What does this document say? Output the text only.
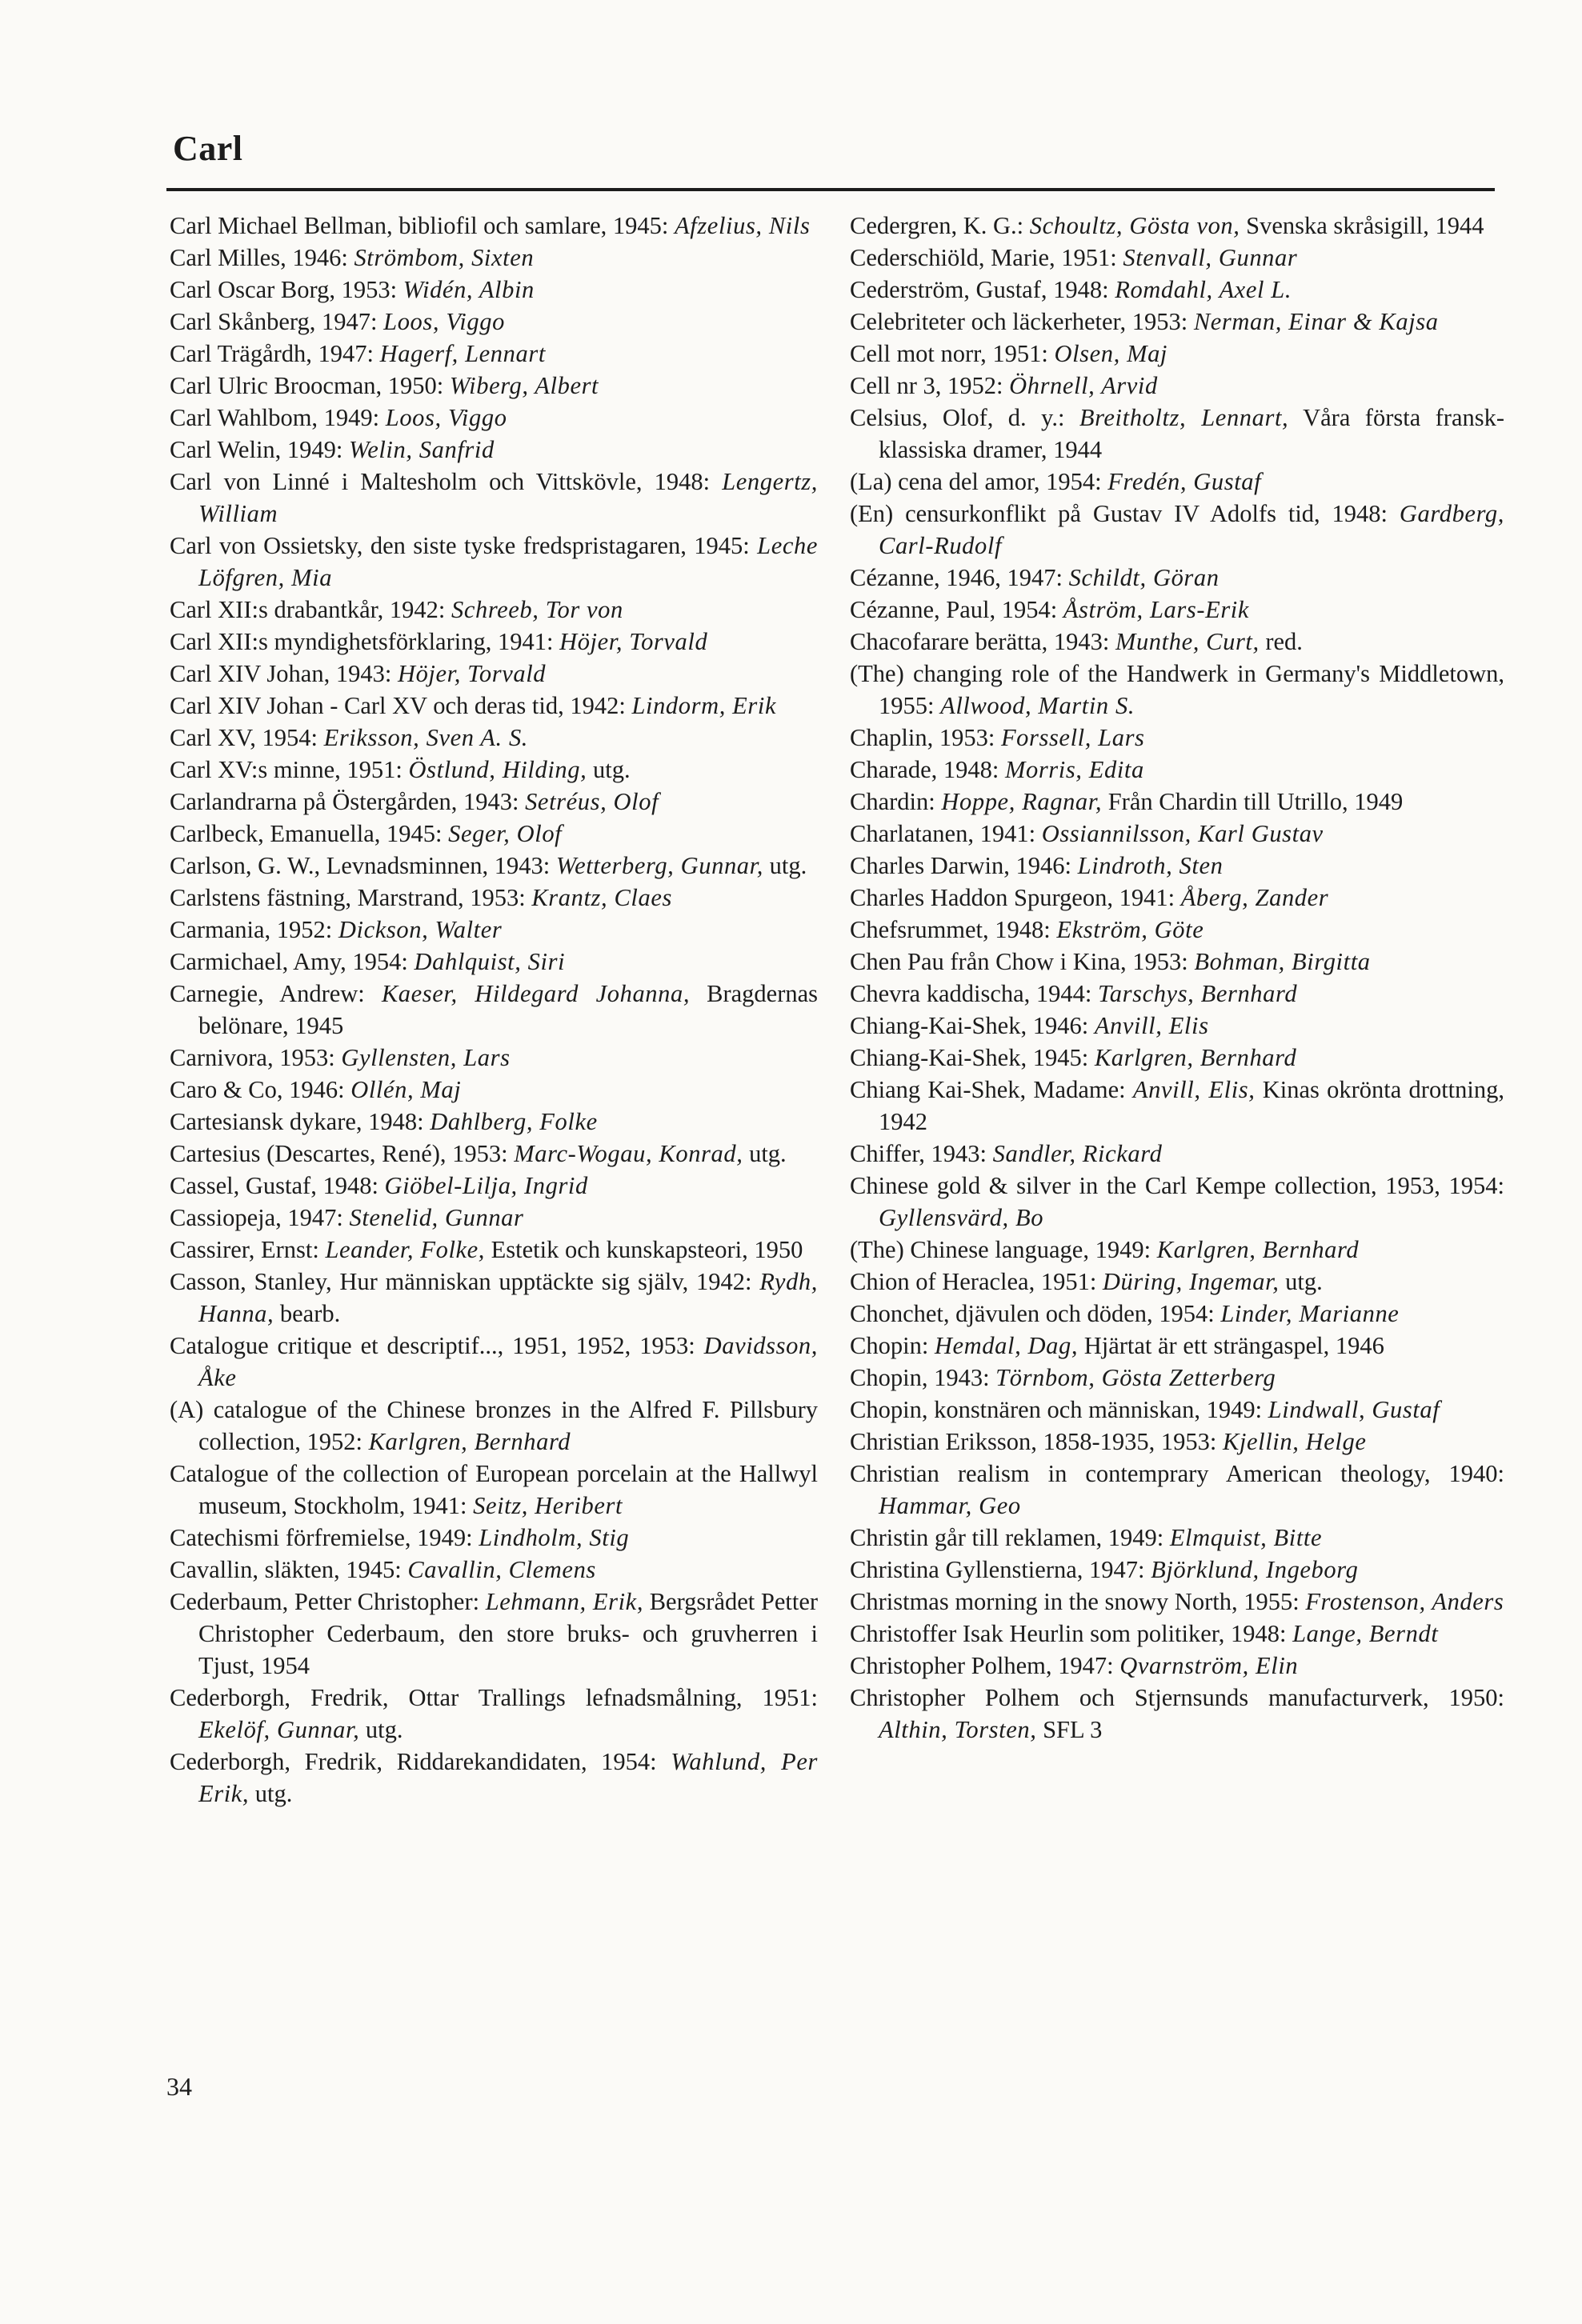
Carl
Carl Michael Bellman, bibliofil och samlare, 1945: Afzelius, Nils
Carl Milles, 1946: Strömbom, Sixten
Carl Oscar Borg, 1953: Widén, Albin
Carl Skånberg, 1947: Loos, Viggo
Carl Trägårdh, 1947: Hagerf, Lennart
Carl Ulric Broocman, 1950: Wiberg, Albert
Carl Wahlbom, 1949: Loos, Viggo
Carl Welin, 1949: Welin, Sanfrid
Carl von Linné i Maltesholm och Vittskövle, 1948: Lengertz, William
Carl von Ossietsky, den siste tyske fredspristagaren, 1945: Leche Löfgren, Mia
Carl XII:s drabantkår, 1942: Schreeb, Tor von
Carl XII:s myndighetsförklaring, 1941: Höjer, Torvald
Carl XIV Johan, 1943: Höjer, Torvald
Carl XIV Johan - Carl XV och deras tid, 1942: Lindorm, Erik
Carl XV, 1954: Eriksson, Sven A. S.
Carl XV:s minne, 1951: Östlund, Hilding, utg.
Carlandrarna på Östergården, 1943: Setréus, Olof
Carlbeck, Emanuella, 1945: Seger, Olof
Carlson, G. W., Levnadsminnen, 1943: Wetterberg, Gunnar, utg.
Carlstens fästning, Marstrand, 1953: Krantz, Claes
Carmania, 1952: Dickson, Walter
Carmichael, Amy, 1954: Dahlquist, Siri
Carnegie, Andrew: Kaeser, Hildegard Johanna, Bragdernas belönare, 1945
Carnivora, 1953: Gyllensten, Lars
Caro & Co, 1946: Ollén, Maj
Cartesiansk dykare, 1948: Dahlberg, Folke
Cartesius (Descartes, René), 1953: Marc-Wogau, Konrad, utg.
Cassel, Gustaf, 1948: Giöbel-Lilja, Ingrid
Cassiopeja, 1947: Stenelid, Gunnar
Cassirer, Ernst: Leander, Folke, Estetik och kunskapsteori, 1950
Casson, Stanley, Hur människan upptäckte sig själv, 1942: Rydh, Hanna, bearb.
Catalogue critique et descriptif..., 1951, 1952, 1953: Davidsson, Åke
(A) catalogue of the Chinese bronzes in the Alfred F. Pillsbury collection, 1952: Karlgren, Bernhard
Catalogue of the collection of European porcelain at the Hallwyl museum, Stockholm, 1941: Seitz, Heribert
Catechismi förfremielse, 1949: Lindholm, Stig
Cavallin, släkten, 1945: Cavallin, Clemens
Cederbaum, Petter Christopher: Lehmann, Erik, Bergsrådet Petter Christopher Cederbaum, den store bruks- och gruvherren i Tjust, 1954
Cederborgh, Fredrik, Ottar Trallings lefnadsmålning, 1951: Ekelöf, Gunnar, utg.
Cederborgh, Fredrik, Riddarekandidaten, 1954: Wahlund, Per Erik, utg.
Cedergren, K. G.: Schoultz, Gösta von, Svenska skråsigill, 1944
Cederschiöld, Marie, 1951: Stenvall, Gunnar
Cederström, Gustaf, 1948: Romdahl, Axel L.
Celebriteter och läckerheter, 1953: Nerman, Einar & Kajsa
Cell mot norr, 1951: Olsen, Maj
Cell nr 3, 1952: Öhrnell, Arvid
Celsius, Olof, d. y.: Breitholtz, Lennart, Våra första fransk-klassiska dramer, 1944
(La) cena del amor, 1954: Fredén, Gustaf
(En) censurkonflikt på Gustav IV Adolfs tid, 1948: Gardberg, Carl-Rudolf
Cézanne, 1946, 1947: Schildt, Göran
Cézanne, Paul, 1954: Åström, Lars-Erik
Chacofarare berätta, 1943: Munthe, Curt, red.
(The) changing role of the Handwerk in Germany's Middletown, 1955: Allwood, Martin S.
Chaplin, 1953: Forssell, Lars
Charade, 1948: Morris, Edita
Chardin: Hoppe, Ragnar, Från Chardin till Utrillo, 1949
Charlatanen, 1941: Ossiannilsson, Karl Gustav
Charles Darwin, 1946: Lindroth, Sten
Charles Haddon Spurgeon, 1941: Åberg, Zander
Chefsrummet, 1948: Ekström, Göte
Chen Pau från Chow i Kina, 1953: Bohman, Birgitta
Chevra kaddischa, 1944: Tarschys, Bernhard
Chiang-Kai-Shek, 1946: Anvill, Elis
Chiang-Kai-Shek, 1945: Karlgren, Bernhard
Chiang Kai-Shek, Madame: Anvill, Elis, Kinas okrönta drottning, 1942
Chiffer, 1943: Sandler, Rickard
Chinese gold & silver in the Carl Kempe collection, 1953, 1954: Gyllensvärd, Bo
(The) Chinese language, 1949: Karlgren, Bernhard
Chion of Heraclea, 1951: Düring, Ingemar, utg.
Chonchet, djävulen och döden, 1954: Linder, Marianne
Chopin: Hemdal, Dag, Hjärtat är ett strängaspel, 1946
Chopin, 1943: Törnbom, Gösta Zetterberg
Chopin, konstnären och människan, 1949: Lindwall, Gustaf
Christian Eriksson, 1858-1935, 1953: Kjellin, Helge
Christian realism in contemprary American theology, 1940: Hammar, Geo
Christin går till reklamen, 1949: Elmquist, Bitte
Christina Gyllenstierna, 1947: Björklund, Ingeborg
Christmas morning in the snowy North, 1955: Frostenson, Anders
Christoffer Isak Heurlin som politiker, 1948: Lange, Berndt
Christopher Polhem, 1947: Qvarnström, Elin
Christopher Polhem och Stjernsunds manufacturverk, 1950: Althin, Torsten, SFL 3
34
